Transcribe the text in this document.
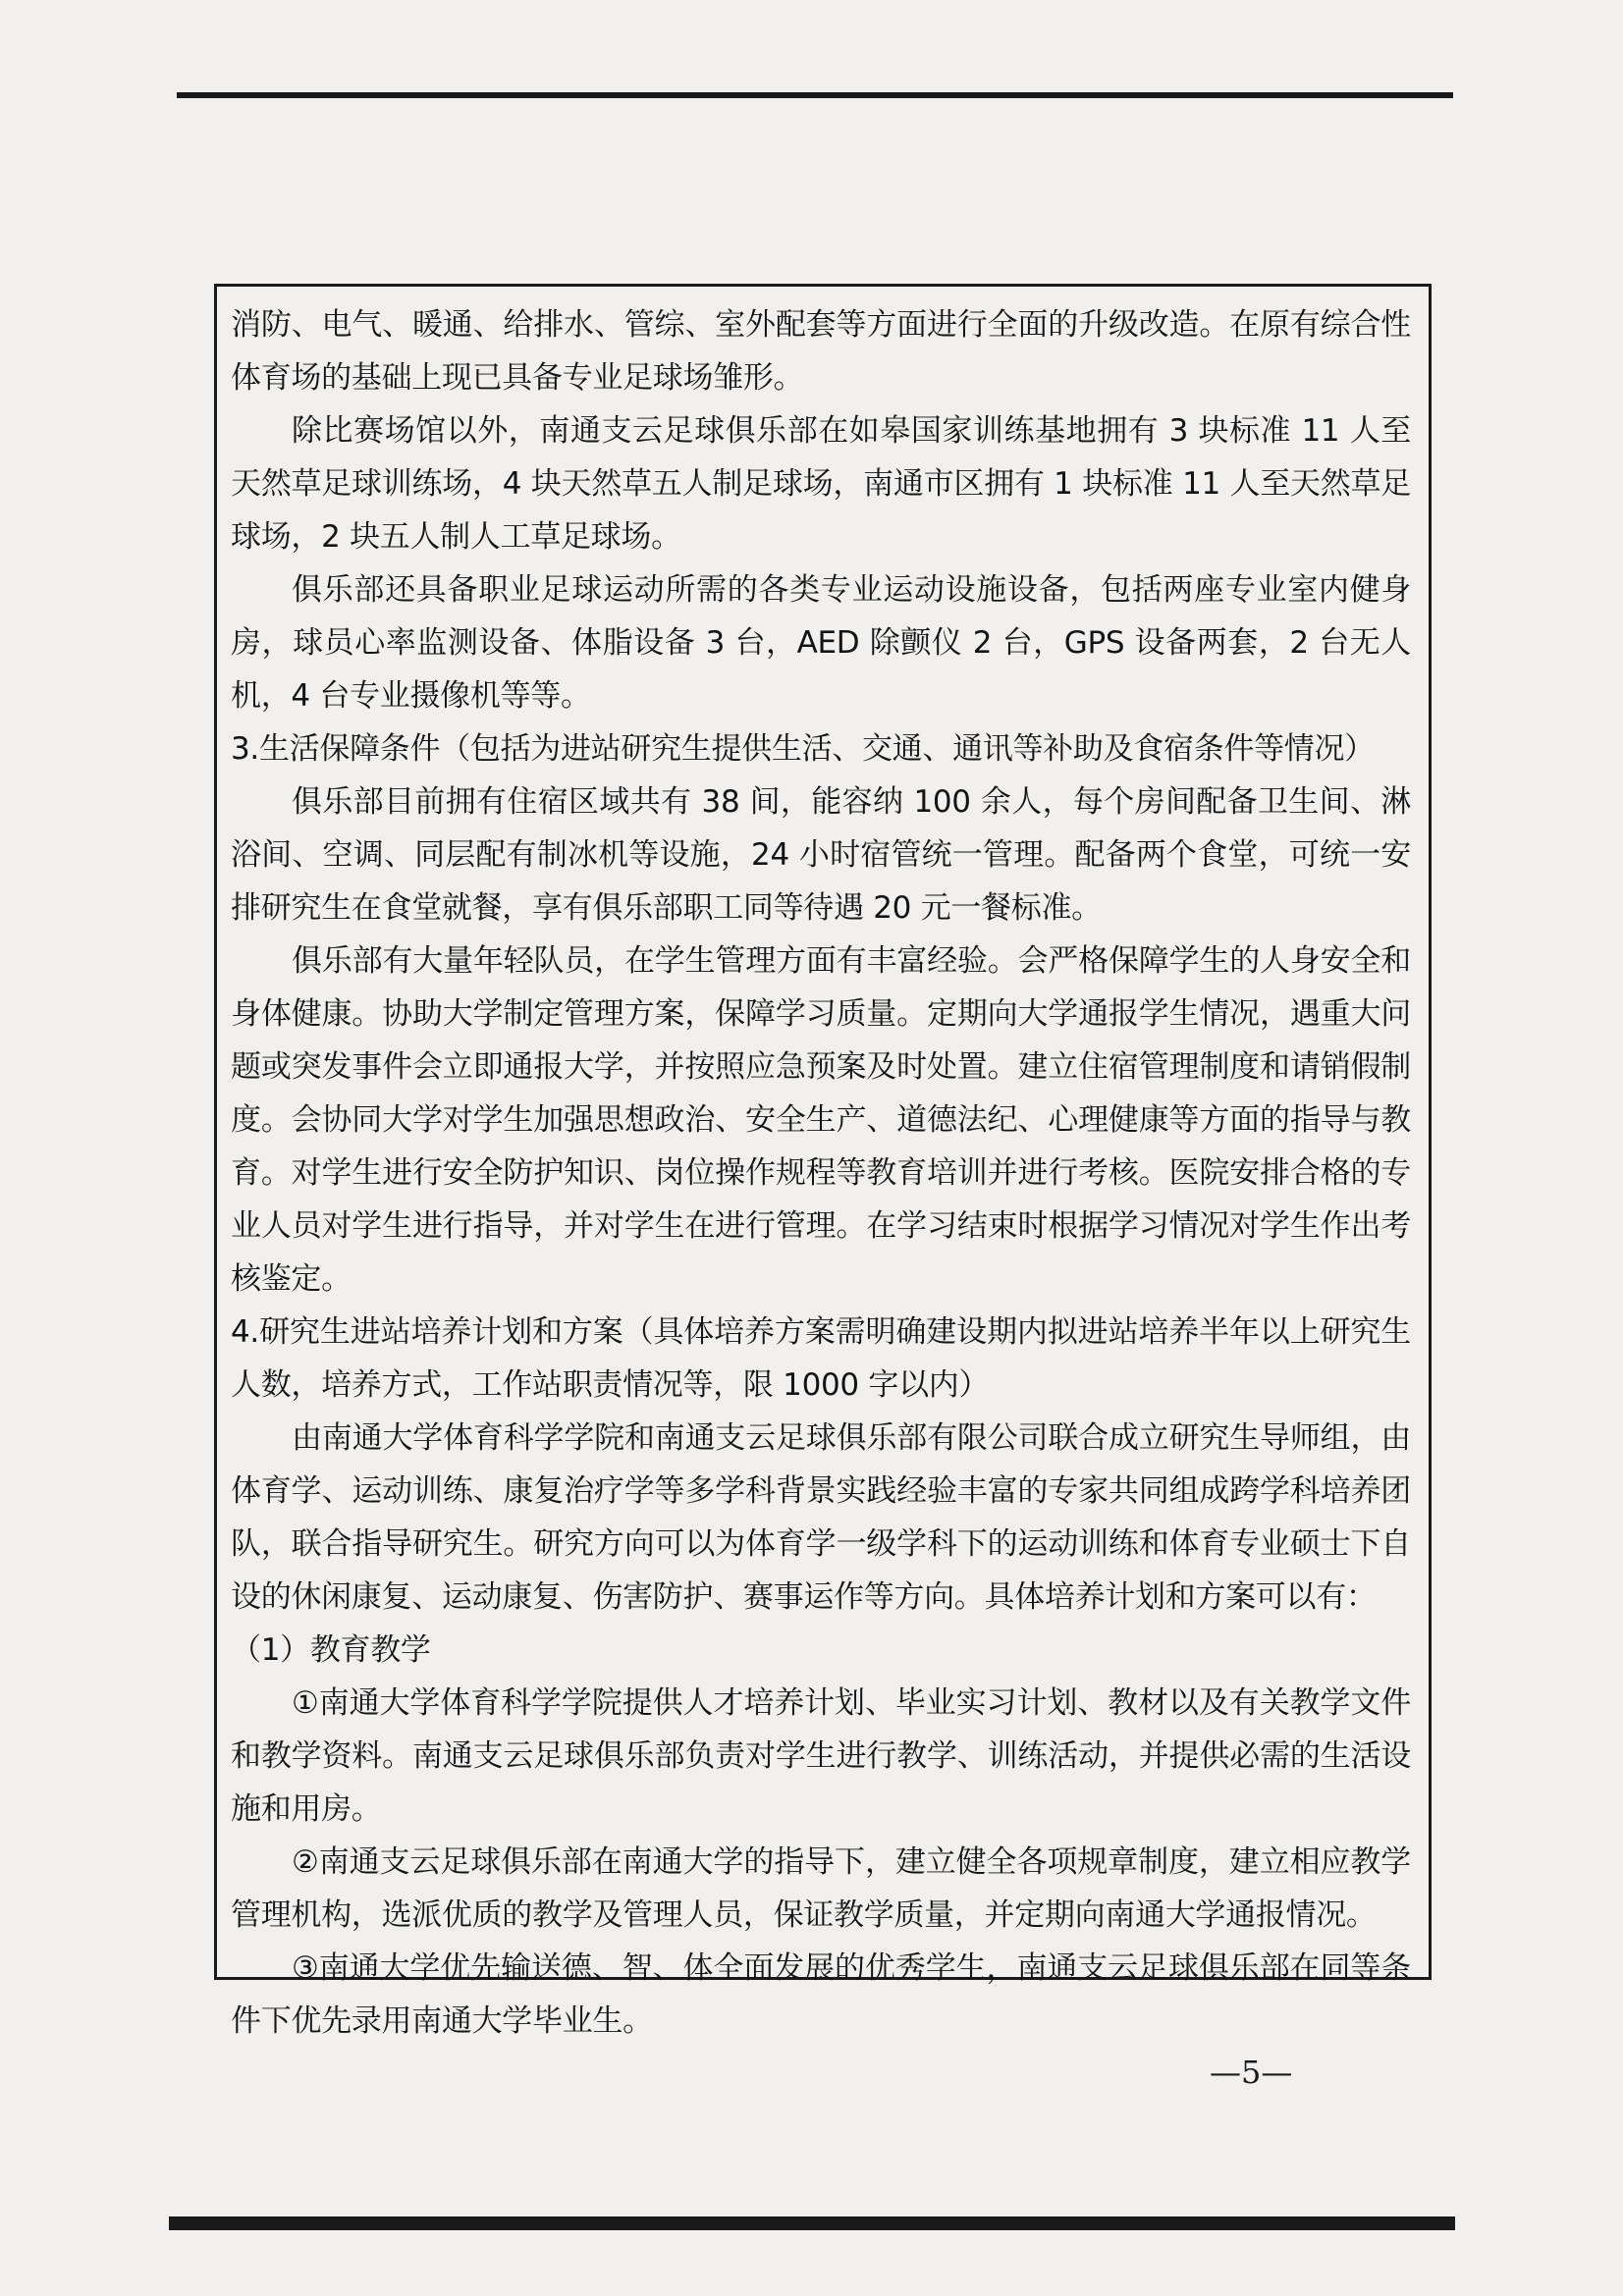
消防、电气、暖通、给排水、管综、室外配套等方面进行全面的升级改造。在原有综合性体育场的基础上现已具备专业足球场雏形。

除比赛场馆以外，南通支云足球俱乐部在如皋国家训练基地拥有 3 块标准 11 人至天然草足球训练场，4 块天然草五人制足球场，南通市区拥有 1 块标准 11 人至天然草足球场，2 块五人制人工草足球场。

俱乐部还具备职业足球运动所需的各类专业运动设施设备，包括两座专业室内健身房，球员心率监测设备、体脂设备 3 台，AED 除颤仪 2 台，GPS 设备两套，2 台无人机，4 台专业摄像机等等。

3.生活保障条件（包括为进站研究生提供生活、交通、通讯等补助及食宿条件等情况）

俱乐部目前拥有住宿区域共有 38 间，能容纳 100 余人，每个房间配备卫生间、淋浴间、空调、同层配有制冰机等设施，24 小时宿管统一管理。配备两个食堂，可统一安排研究生在食堂就餐，享有俱乐部职工同等待遇 20 元一餐标准。

俱乐部有大量年轻队员，在学生管理方面有丰富经验。会严格保障学生的人身安全和身体健康。协助大学制定管理方案，保障学习质量。定期向大学通报学生情况，遇重大问题或突发事件会立即通报大学，并按照应急预案及时处置。建立住宿管理制度和请销假制度。会协同大学对学生加强思想政治、安全生产、道德法纪、心理健康等方面的指导与教育。对学生进行安全防护知识、岗位操作规程等教育培训并进行考核。医院安排合格的专业人员对学生进行指导，并对学生在进行管理。在学习结束时根据学习情况对学生作出考核鉴定。

4.研究生进站培养计划和方案（具体培养方案需明确建设期内拟进站培养半年以上研究生人数，培养方式，工作站职责情况等，限 1000 字以内）

由南通大学体育科学学院和南通支云足球俱乐部有限公司联合成立研究生导师组，由体育学、运动训练、康复治疗学等多学科背景实践经验丰富的专家共同组成跨学科培养团队，联合指导研究生。研究方向可以为体育学一级学科下的运动训练和体育专业硕士下自设的休闲康复、运动康复、伤害防护、赛事运作等方向。具体培养计划和方案可以有：

（1）教育教学

①南通大学体育科学学院提供人才培养计划、毕业实习计划、教材以及有关教学文件和教学资料。南通支云足球俱乐部负责对学生进行教学、训练活动，并提供必需的生活设施和用房。

②南通支云足球俱乐部在南通大学的指导下，建立健全各项规章制度，建立相应教学管理机构，选派优质的教学及管理人员，保证教学质量，并定期向南通大学通报情况。

③南通大学优先输送德、智、体全面发展的优秀学生，南通支云足球俱乐部在同等条件下优先录用南通大学毕业生。

—5—
